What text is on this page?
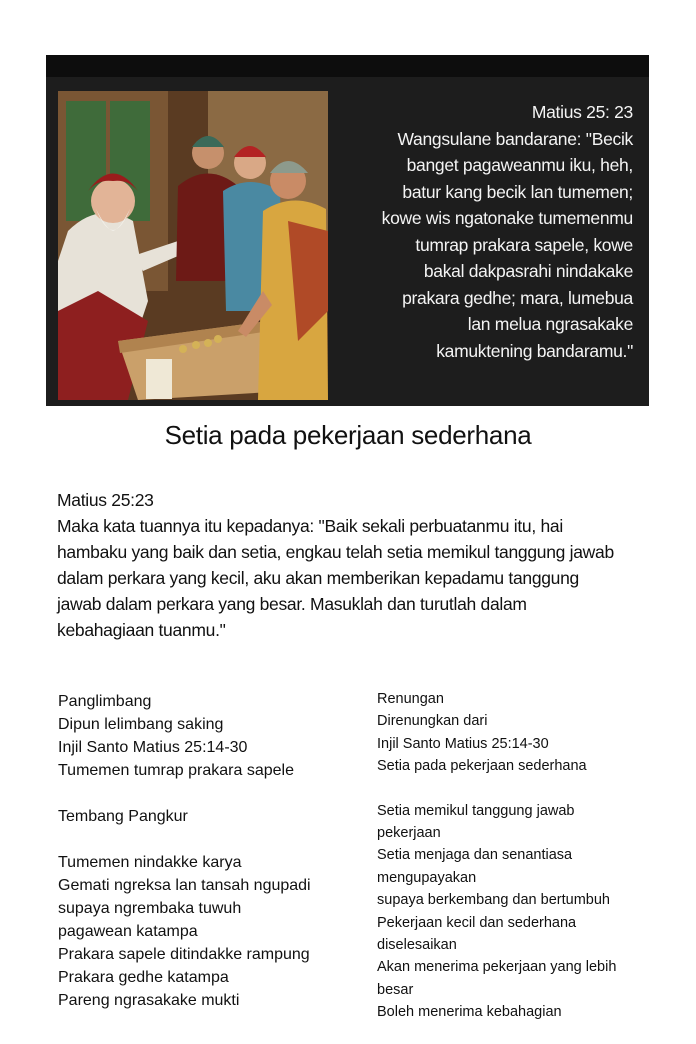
Matius 25: 23
Wangsulane bandarane: "Becik
banget pagaweanmu iku, heh,
batur kang becik lan tumemen;
kowe wis ngatonake tumemenmu
tumrap prakara sapele, kowe
bakal dakpasrahi nindakake
prakara gedhe; mara, lumebua
lan melua ngrasakake
kamuktening bandaramu."
Setia pada pekerjaan sederhana
Matius 25:23
Maka kata tuannya itu kepadanya: "Baik sekali perbuatanmu itu, hai
hambaku yang baik dan setia, engkau telah setia memikul tanggung jawab
dalam perkara yang kecil, aku akan memberikan kepadamu tanggung
jawab dalam perkara yang besar. Masuklah dan turutlah dalam
kebahagiaan tuanmu."
Panglimbang
Dipun lelimbang saking
Injil Santo Matius 25:14-30
Tumemen tumrap prakara sapele
Tembang Pangkur
Tumemen nindakke karya
Gemati ngreksa lan tansah ngupadi
supaya ngrembaka tuwuh
pagawean katampa
Prakara sapele ditindakke rampung
Prakara gedhe katampa
Pareng ngrasakake mukti
Renungan
Direnungkan dari
Injil Santo Matius 25:14-30
Setia pada pekerjaan sederhana
Setia memikul tanggung jawab
pekerjaan
Setia menjaga dan senantiasa
mengupayakan
supaya berkembang dan bertumbuh
Pekerjaan kecil dan sederhana
diselesaikan
Akan menerima pekerjaan yang lebih
besar
Boleh menerima kebahagian
